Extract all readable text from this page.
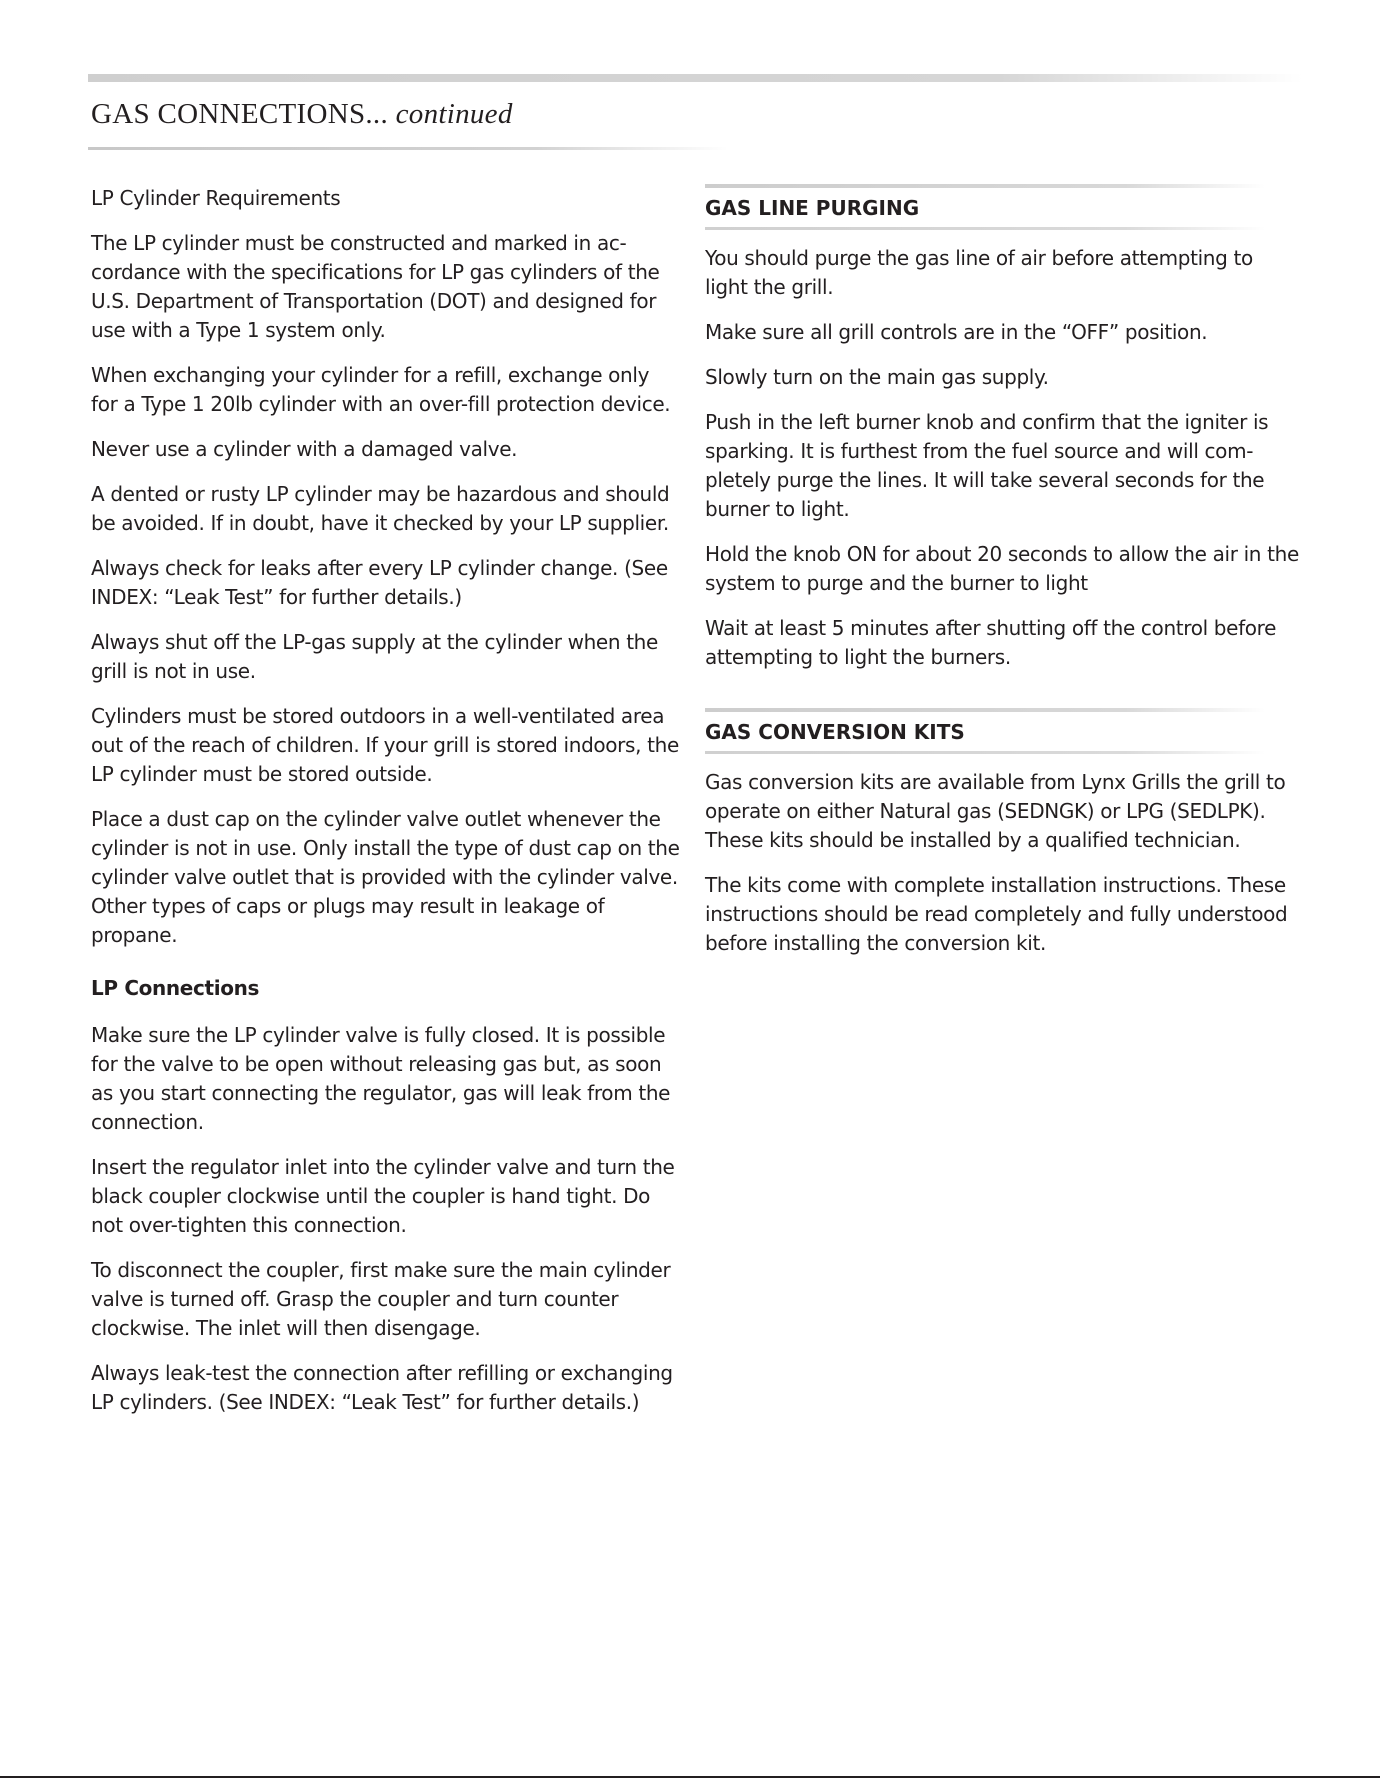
GAS CONNECTIONS... continued
LP Cylinder Requirements

The LP cylinder must be constructed and marked in accordance with the specifications for LP gas cylinders of the U.S. Department of Transportation (DOT) and designed for use with a Type 1 system only.

When exchanging your cylinder for a refill, exchange only for a Type 1 20lb cylinder with an over-fill protection device.

Never use a cylinder with a damaged valve.

A dented or rusty LP cylinder may be hazardous and should be avoided. If in doubt, have it checked by your LP supplier.

Always check for leaks after every LP cylinder change. (See INDEX: “Leak Test” for further details.)

Always shut off the LP-gas supply at the cylinder when the grill is not in use.

Cylinders must be stored outdoors in a well-ventilated area out of the reach of children. If your grill is stored indoors, the LP cylinder must be stored outside.

Place a dust cap on the cylinder valve outlet whenever the cylinder is not in use. Only install the type of dust cap on the cylinder valve outlet that is provided with the cylinder valve. Other types of caps or plugs may result in leakage of propane.

LP Connections

Make sure the LP cylinder valve is fully closed. It is possible for the valve to be open without releasing gas but, as soon as you start connecting the regulator, gas will leak from the connection.

Insert the regulator inlet into the cylinder valve and turn the black coupler clockwise until the coupler is hand tight. Do not over-tighten this connection.

To disconnect the coupler, first make sure the main cylinder valve is turned off. Grasp the coupler and turn counter clockwise. The inlet will then disengage.

Always leak-test the connection after refilling or exchanging LP cylinders. (See INDEX: “Leak Test” for further details.)

GAS LINE PURGING

You should purge the gas line of air before attempting to light the grill.

Make sure all grill controls are in the “OFF” position.

Slowly turn on the main gas supply.

Push in the left burner knob and confirm that the igniter is sparking. It is furthest from the fuel source and will completely purge the lines. It will take several seconds for the burner to light.

Hold the knob ON for about 20 seconds to allow the air in the system to purge and the burner to light

Wait at least 5 minutes after shutting off the control before attempting to light the burners.

GAS CONVERSION KITS

Gas conversion kits are available from Lynx Grills the grill to operate on either Natural gas (SEDNGK) or LPG (SEDLPK). These kits should be installed by a qualified technician.

The kits come with complete installation instructions. These instructions should be read completely and fully understood before installing the conversion kit.
